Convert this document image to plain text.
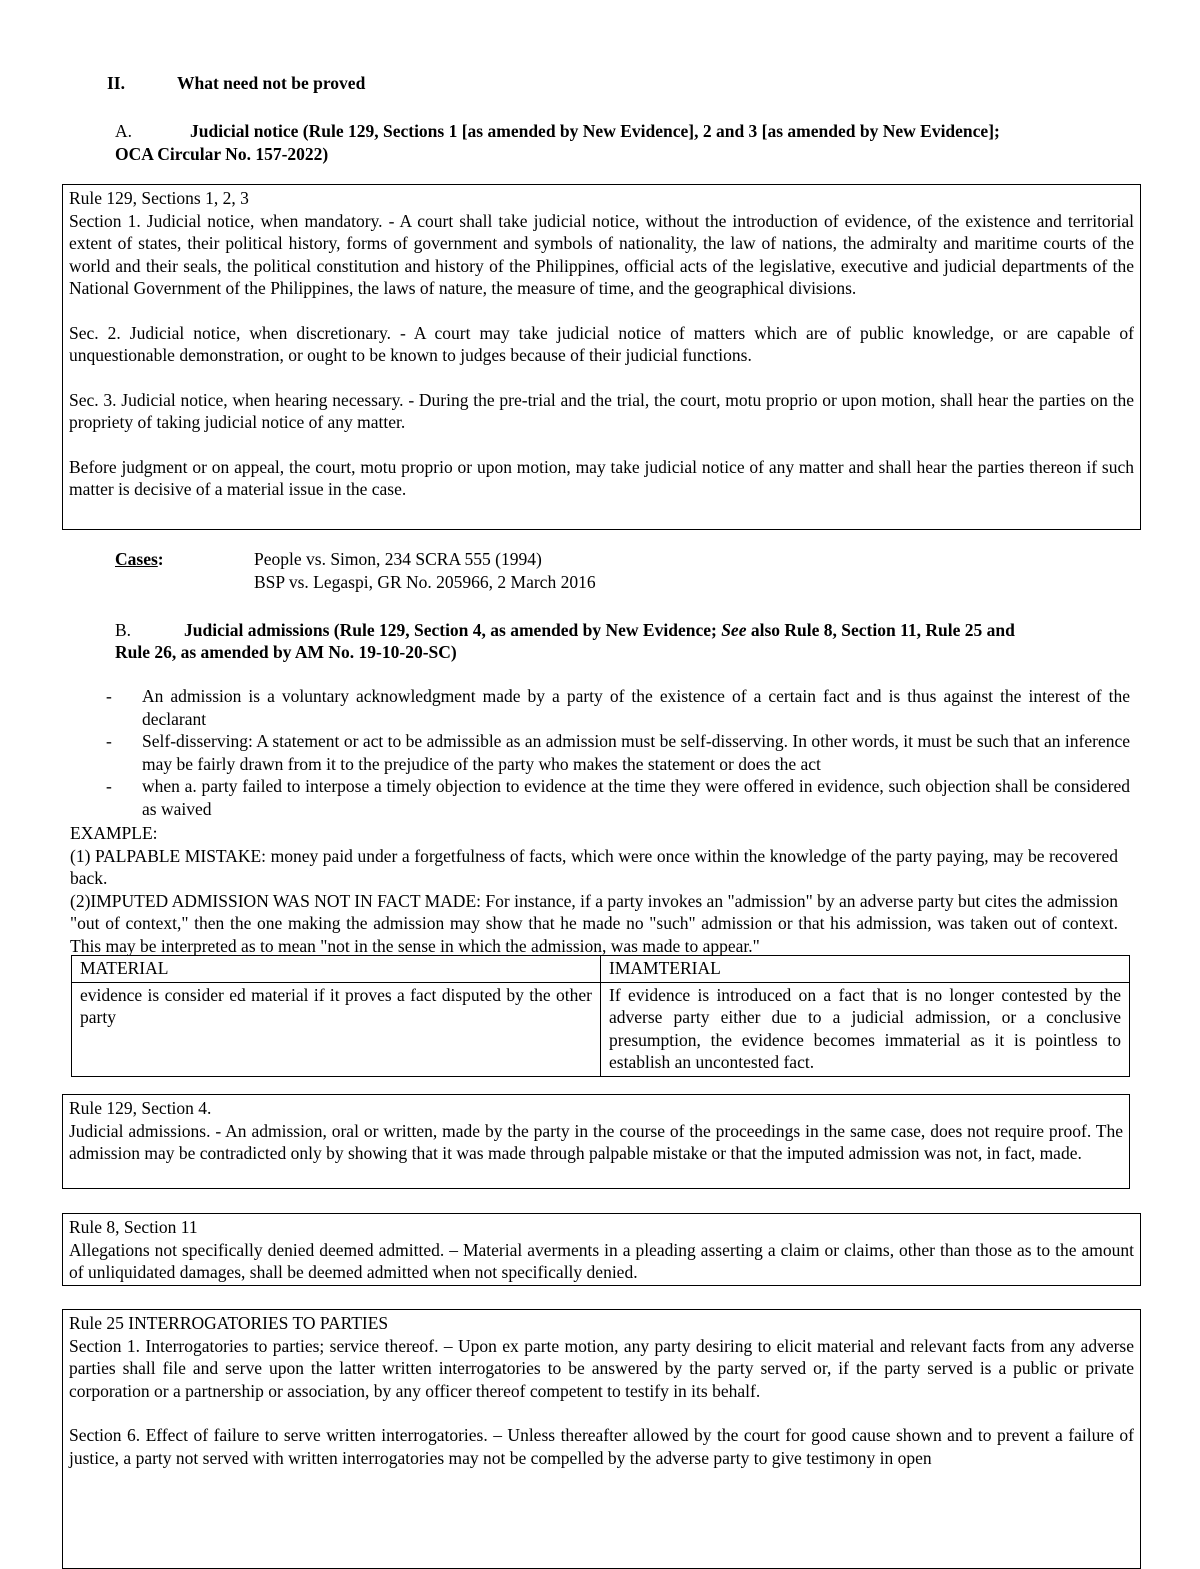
II.	What need not be proved
A.	Judicial notice (Rule 129, Sections 1 [as amended by New Evidence], 2 and 3 [as amended by New Evidence];
OCA Circular No. 157-2022)

Rule 129, Sections 1, 2, 3

Section 1. Judicial notice, when mandatory. - A court shall take judicial notice, without the introduction of evidence, of the existence and territorial extent of states, their political history, forms of government and symbols of nationality, the law of nations, the admiralty and maritime courts of the world and their seals, the political constitution and history of the Philippines, official acts of the legislative, executive and judicial departments of the National Government of the Philippines, the laws of nature, the measure of time, and the geographical divisions.

Sec. 2. Judicial notice, when discretionary. - A court may take judicial notice of matters which are of public knowledge, or are capable of unquestionable demonstration, or ought to be known to judges because of their judicial functions.

Sec. 3. Judicial notice, when hearing necessary. - During the pre-trial and the trial, the court, motu proprio or upon motion, shall hear the parties on the propriety of taking judicial notice of any matter.

Before judgment or on appeal, the court, motu proprio or upon motion, may take judicial notice of any matter and shall hear the parties thereon if such matter is decisive of a material issue in the case.

Cases:	People vs. Simon, 234 SCRA 555 (1994)
BSP vs. Legaspi, GR No. 205966, 2 March 2016
B.	Judicial admissions (Rule 129, Section 4, as amended by New Evidence; See also Rule 8, Section 11, Rule 25 and
Rule 26, as amended by AM No. 19-10-20-SC)
- An admission is a voluntary acknowledgment made by a party of the existence of a certain fact and is thus against the interest of the declarant
- Self-disserving: A statement or act to be admissible as an admission must be self-disserving. In other words, it must be such that an inference may be fairly drawn from it to the prejudice of the party who makes the statement or does the act
- when a. party failed to interpose a timely objection to evidence at the time they were offered in evidence, such objection shall be considered as waived
EXAMPLE:
(1) PALPABLE MISTAKE: money paid under a forgetfulness of facts, which were once within the knowledge of the party paying, may be recovered back.
(2)IMPUTED ADMISSION WAS NOT IN FACT MADE: For instance, if a party invokes an "admission" by an adverse party but cites the admission "out of context," then the one making the admission may show that he made no "such" admission or that his admission, was taken out of context. This may be interpreted as to mean "not in the sense in which the admission, was made to appear."
MATERIAL	IMAMTERIAL
evidence is consider ed material if it proves a fact disputed by the other party	If evidence is introduced on a fact that is no longer contested by the adverse party either due to a judicial admission, or a conclusive presumption, the evidence becomes immaterial as it is pointless to establish an uncontested fact.

Rule 129, Section 4.

Judicial admissions. - An admission, oral or written, made by the party in the course of the proceedings in the same case, does not require proof. The admission may be contradicted only by showing that it was made through palpable mistake or that the imputed admission was not, in fact, made.

Rule 8, Section 11

Allegations not specifically denied deemed admitted. – Material averments in a pleading asserting a claim or claims, other than those as to the amount of unliquidated damages, shall be deemed admitted when not specifically denied.

Rule 25 INTERROGATORIES TO PARTIES

Section 1. Interrogatories to parties; service thereof. – Upon ex parte motion, any party desiring to elicit material and relevant facts from any adverse parties shall file and serve upon the latter written interrogatories to be answered by the party served or, if the party served is a public or private corporation or a partnership or association, by any officer thereof competent to testify in its behalf.

Section 6. Effect of failure to serve written interrogatories. – Unless thereafter allowed by the court for good cause shown and to prevent a failure of justice, a party not served with written interrogatories may not be compelled by the adverse party to give testimony in open
